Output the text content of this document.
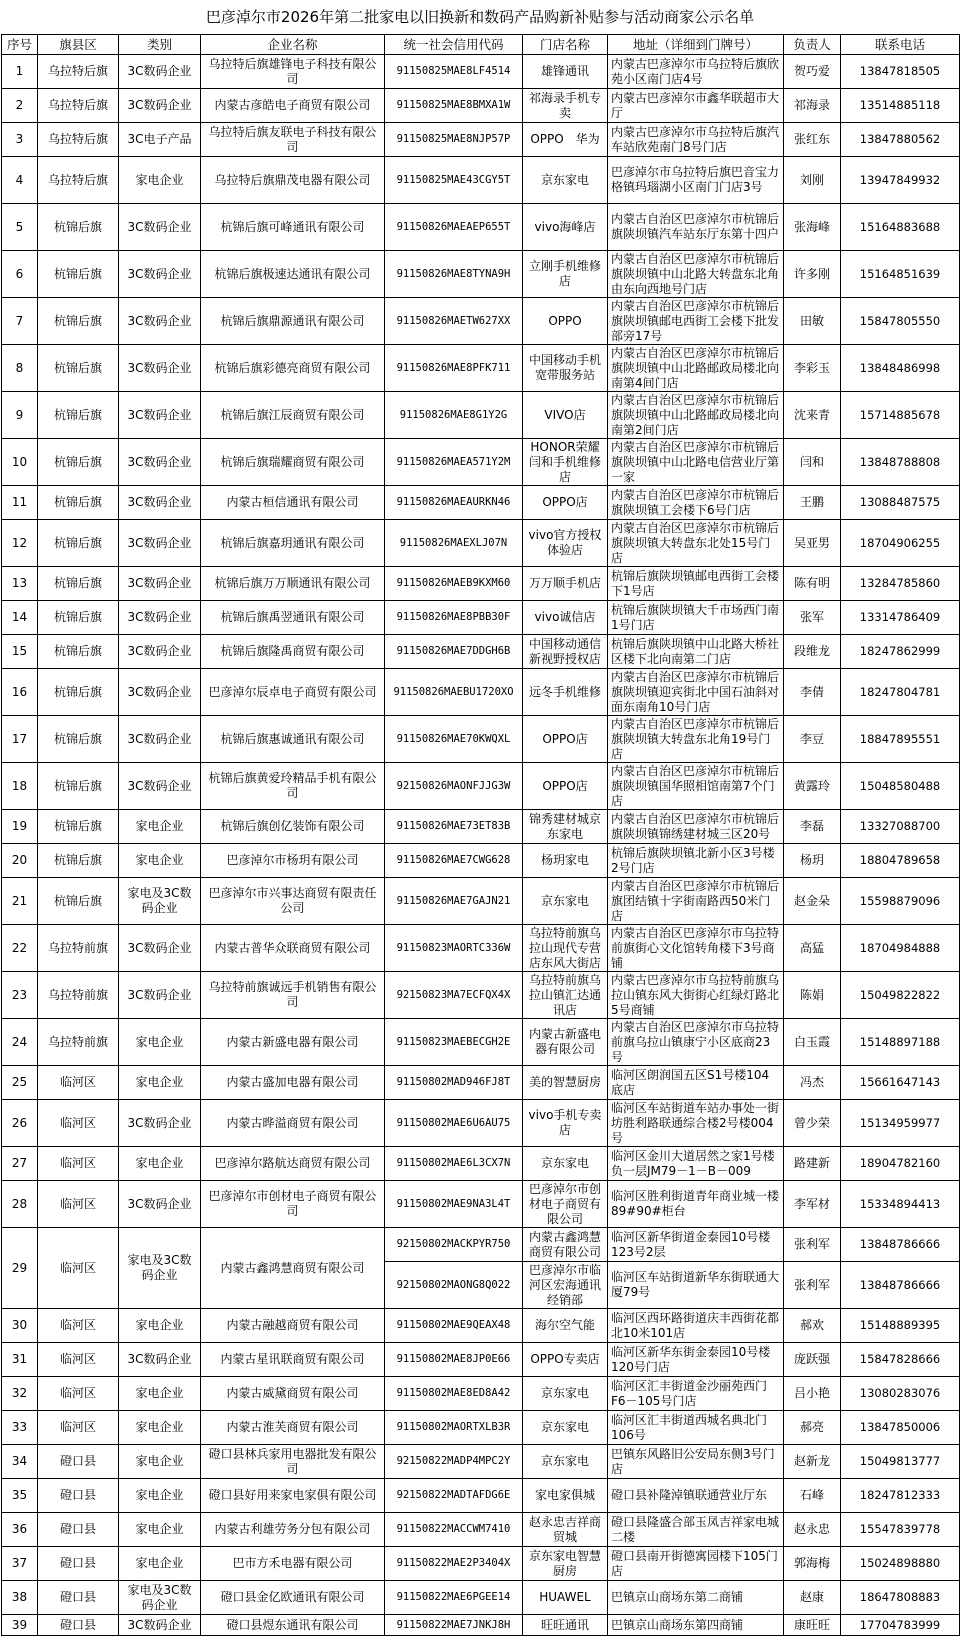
巴彦淖尔市2026年第二批家电以旧换新和数码产品购新补贴参与活动商家公示名单
序号	旗县区	类别	企业名称	统一社会信用代码	门店名称	地址（详细到门牌号）	负责人	联系电话
1	乌拉特后旗	3C数码企业	乌拉特后旗雄锋电子科技有限公司	91150825MAE8LF4514	雄锋通讯	内蒙古巴彦淖尔市乌拉特后旗欣苑小区南门店4号	贺巧爱	13847818505
2	乌拉特后旗	3C数码企业	内蒙古彦皓电子商贸有限公司	91150825MAE8BMXA1W	祁海录手机专卖	内蒙古巴彦淖尔市鑫华联超市大厅	祁海录	13514885118
3	乌拉特后旗	3C电子产品	乌拉特后旗友联电子科技有限公司	91150825MAE8NJP57P	OPPO　华为	内蒙古巴彦淖尔市乌拉特后旗汽车站欣苑南门8号门店	张红东	13847880562
4	乌拉特后旗	家电企业	乌拉特后旗鼎茂电器有限公司	91150825MAE43CGY5T	京东家电	巴彦淖尔市乌拉特后旗巴音宝力格镇玛瑙湖小区南门门店3号	刘刚	13947849932
5	杭锦后旗	3C数码企业	杭锦后旗可峰通讯有限公司	91150826MAEAEP655T	vivo海峰店	内蒙古自治区巴彦淖尔市杭锦后旗陕坝镇汽车站东厅东第十四户	张海峰	15164883688
6	杭锦后旗	3C数码企业	杭锦后旗极速达通讯有限公司	91150826MAE8TYNA9H	立刚手机维修店	内蒙古自治区巴彦淖尔市杭锦后旗陕坝镇中山北路大转盘东北角由东向西地号门店	许多刚	15164851639
7	杭锦后旗	3C数码企业	杭锦后旗鼎源通讯有限公司	91150826MAETW627XX	OPPO	内蒙古自治区巴彦淖尔市杭锦后旗陕坝镇邮电西街工会楼下批发部旁17号	田敏	15847805550
8	杭锦后旗	3C数码企业	杭锦后旗彩德亮商贸有限公司	91150826MAE8PFK711	中国移动手机宽带服务站	内蒙古自治区巴彦淖尔市杭锦后旗陕坝镇中山北路邮政局楼北向南第4间门店	李彩玉	13848486998
9	杭锦后旗	3C数码企业	杭锦后旗江辰商贸有限公司	91150826MAE8G1Y2G	VIVO店	内蒙古自治区巴彦淖尔市杭锦后旗陕坝镇中山北路邮政局楼北向南第2间门店	沈来青	15714885678
10	杭锦后旗	3C数码企业	杭锦后旗瑞耀商贸有限公司	91150826MAEA571Y2M	HONOR荣耀 闫和手机维修店	内蒙古自治区巴彦淖尔市杭锦后旗陕坝镇中山北路电信营业厅第一家	闫和	13848788808
11	杭锦后旗	3C数码企业	内蒙古桓信通讯有限公司	91150826MAEAURKN46	OPPO店	内蒙古自治区巴彦淖尔市杭锦后旗陕坝镇工会楼下6号门店	王鹏	13088487575
12	杭锦后旗	3C数码企业	杭锦后旗嘉玥通讯有限公司	91150826MAEXLJ07N	vivo官方授权体验店	内蒙古自治区巴彦淖尔市杭锦后旗陕坝镇大转盘东北处15号门店	吴亚男	18704906255
13	杭锦后旗	3C数码企业	杭锦后旗万万顺通讯有限公司	91150826MAEB9KXM60	万万顺手机店	杭锦后旗陕坝镇邮电西街工会楼下1号店	陈有明	13284785860
14	杭锦后旗	3C数码企业	杭锦后旗禹翌通讯有限公司	91150826MAE8PBB30F	vivo诚信店	杭锦后旗陕坝镇大千市场西门南1号门店	张军	13314786409
15	杭锦后旗	3C数码企业	杭锦后旗隆禹商贸有限公司	91150826MAE7DDGH6B	中国移动通信新视野授权店	杭锦后旗陕坝镇中山北路大桥社区楼下北向南第二门店	段维龙	18247862999
16	杭锦后旗	3C数码企业	巴彦淖尔辰卓电子商贸有限公司	91150826MAEBU1720XO	远冬手机维修	内蒙古自治区巴彦淖尔市杭锦后旗陕坝镇迎宾街北中国石油斜对面东南角10号门店	李倩	18247804781
17	杭锦后旗	3C数码企业	杭锦后旗惠诚通讯有限公司	91150826MAE70KWQXL	OPPO店	内蒙古自治区巴彦淖尔市杭锦后旗陕坝镇大转盘东北角19号门店	李豆	18847895551
18	杭锦后旗	3C数码企业	杭锦后旗黄爱玲精品手机有限公司	92150826MAONFJJG3W	OPPO店	内蒙古自治区巴彦淖尔市杭锦后旗陕坝镇国华照相馆南第7个门店	黄露玲	15048580488
19	杭锦后旗	家电企业	杭锦后旗创亿装饰有限公司	91150826MAE73ET83B	锦秀建材城京东家电	内蒙古自治区巴彦淖尔市杭锦后旗陕坝镇锦绣建材城三区20号	李磊	13327088700
20	杭锦后旗	家电企业	巴彦淖尔市杨玥有限公司	91150826MAE7CWG628	杨玥家电	杭锦后旗陕坝镇北新小区3号楼2号门店	杨玥	18804789658
21	杭锦后旗	家电及3C数码企业	巴彦淖尔市兴事达商贸有限责任公司	91150826MAE7GAJN21	京东家电	内蒙古自治区巴彦淖尔市杭锦后旗团结镇十字街南路西50米门店	赵金朵	15598879096
22	乌拉特前旗	3C数码企业	内蒙古普华众联商贸有限公司	91150823MAORTC336W	乌拉特前旗乌拉山现代专营店东风大街店	内蒙古自治区巴彦淖尔市乌拉特前旗街心文化馆转角楼下3号商铺	高猛	18704984888
23	乌拉特前旗	3C数码企业	乌拉特前旗诚远手机销售有限公司	92150823MA7ECFQX4X	乌拉特前旗乌拉山镇汇达通讯店	内蒙古巴彦淖尔市乌拉特前旗乌拉山镇东风大街街心红绿灯路北5号商铺	陈娟	15049822822
24	乌拉特前旗	家电企业	内蒙古新盛电器有限公司	91150823MAEBECGH2E	内蒙古新盛电器有限公司	内蒙古自治区巴彦淖尔市乌拉特前旗乌拉山镇康宁小区底商23号	白玉霞	15148897188
25	临河区	家电企业	内蒙古盛加电器有限公司	91150802MAD946FJ8T	美的智慧厨房	临河区朗润国五区S1号楼104底店	冯杰	15661647143
26	临河区	3C数码企业	内蒙古晔溢商贸有限公司	91150802MAE6U6AU75	vivo手机专卖店	临河区车站街道车站办事处一街坊胜利路联通综合楼2号楼004号	曾少荣	15134959977
27	临河区	家电企业	巴彦淖尔路航达商贸有限公司	91150802MAE6L3CX7N	京东家电	临河区金川大道居然之家1号楼负一层JM79－1－B－009	路建新	18904782160
28	临河区	3C数码企业	巴彦淖尔市创材电子商贸有限公司	91150802MAE9NA3L4T	巴彦淖尔市创材电子商贸有限公司	临河区胜利街道青年商业城一楼89#90#柜台	李军材	15334894413
29	临河区	家电及3C数码企业	内蒙古鑫鸿慧商贸有限公司	92150802MACKPYR750	内蒙古鑫鸿慧商贸有限公司	临河区新华街道金泰园10号楼123号2层	张利军	13848786666
				92150802MAONG8Q022	巴彦淖尔市临河区宏海通讯经销部	临河区车站街道新华东街联通大厦79号	张利军	13848786666
30	临河区	家电企业	内蒙古融越商贸有限公司	91150802MAE9QEAX48	海尔空气能	临河区西环路街道庆丰西街花都北10米101店	郝欢	15148889395
31	临河区	3C数码企业	内蒙古星讯联商贸有限公司	91150802MAE8JP0E66	OPPO专卖店	临河区新华东街金泰园10号楼120号门店	庞跃强	15847828666
32	临河区	家电企业	内蒙古威黛商贸有限公司	91150802MAE8ED8A42	京东家电	临河区汇丰街道金沙丽苑西门F6－105号门店	吕小艳	13080283076
33	临河区	家电企业	内蒙古淮芙商贸有限公司	91150802MAORTXLB3R	京东家电	临河区汇丰街道西城名典北门106号	郝亮	13847850006
34	磴口县	家电企业	磴口县林兵家用电器批发有限公司	92150822MADP4MPC2Y	京东家电	巴镇东风路旧公安局东侧3号门店	赵新龙	15049813777
35	磴口县	家电企业	磴口县好用来家电家俱有限公司	92150822MADTAFDG6E	家电家俱城	磴口县补隆淖镇联通营业厅东	石峰	18247812333
36	磴口县	家电企业	内蒙古利雄劳务分包有限公司	91150822MACCWM7410	赵永忠吉祥商贸城	磴口县隆盛合部玉凤吉祥家电城二楼	赵永忠	15547839778
37	磴口县	家电企业	巴市方禾电器有限公司	91150822MAE2P3404X	京东家电智慧厨房	磴口县南开街德寓园楼下105门店	郭海梅	15024898880
38	磴口县	家电及3C数码企业	磴口县金亿欧通讯有限公司	91150822MAE6PGEE14	HUAWEL	巴镇京山商场东第二商铺	赵康	18647808883
39	磴口县	3C数码企业	磴口县煜东通讯有限公司	91150822MAE7JNKJ8H	旺旺通讯	巴镇京山商场东第四商铺	康旺旺	17704783999
